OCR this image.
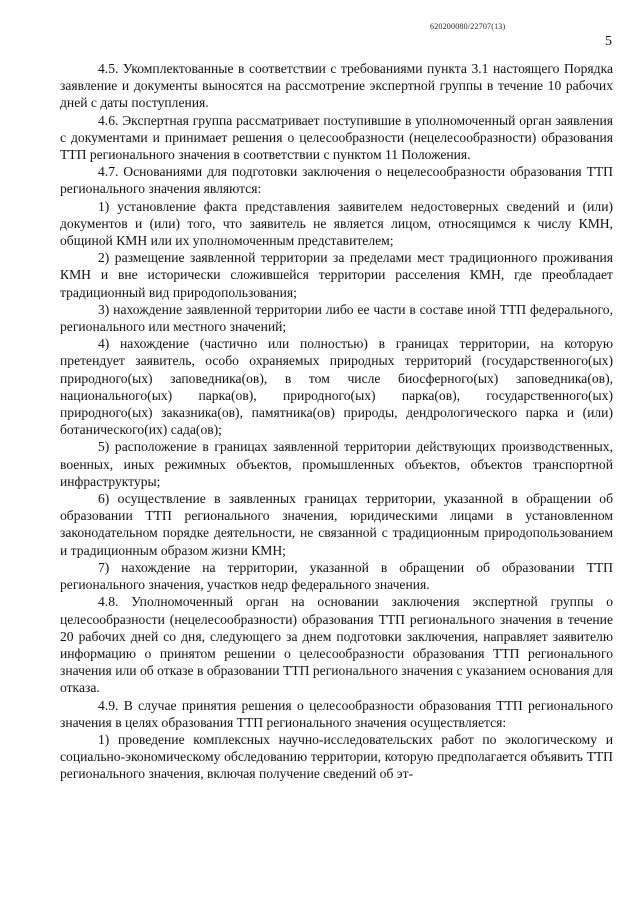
620200080/22707(13)
5

4.5. Укомплектованные в соответствии с требованиями пункта 3.1 настоящего Порядка заявление и документы выносятся на рассмотрение экспертной группы в течение 10 рабочих дней с даты поступления.

4.6. Экспертная группа рассматривает поступившие в уполномоченный орган заявления с документами и принимает решения о целесообразности (нецелесообразности) образования ТТП регионального значения в соответствии с пунктом 11 Положения.

4.7. Основаниями для подготовки заключения о нецелесообразности образования ТТП регионального значения являются:

1) установление факта представления заявителем недостоверных сведений и (или) документов и (или) того, что заявитель не является лицом, относящимся к числу КМН, общиной КМН или их уполномоченным представителем;

2) размещение заявленной территории за пределами мест традиционного проживания КМН и вне исторически сложившейся территории расселения КМН, где преобладает традиционный вид природопользования;

3) нахождение заявленной территории либо ее части в составе иной ТТП федерального, регионального или местного значений;

4) нахождение (частично или полностью) в границах территории, на которую претендует заявитель, особо охраняемых природных территорий (государственного(ых) природного(ых) заповедника(ов), в том числе биосферного(ых) заповедника(ов), национального(ых) парка(ов), природного(ых) парка(ов), государственного(ых) природного(ых) заказника(ов), памятника(ов) природы, дендрологического парка и (или) ботанического(их) сада(ов);

5) расположение в границах заявленной территории действующих производственных, военных, иных режимных объектов, промышленных объектов, объектов транспортной инфраструктуры;

6) осуществление в заявленных границах территории, указанной в обращении об образовании ТТП регионального значения, юридическими лицами в установленном законодательном порядке деятельности, не связанной с традиционным природопользованием и традиционным образом жизни КМН;

7) нахождение на территории, указанной в обращении об образовании ТТП регионального значения, участков недр федерального значения.

4.8. Уполномоченный орган на основании заключения экспертной группы о целесообразности (нецелесообразности) образования ТТП регионального значения в течение 20 рабочих дней со дня, следующего за днем подготовки заключения, направляет заявителю информацию о принятом решении о целесообразности образования ТТП регионального значения или об отказе в образовании ТТП регионального значения с указанием основания для отказа.

4.9. В случае принятия решения о целесообразности образования ТТП регионального значения в целях образования ТТП регионального значения осуществляется:

1) проведение комплексных научно-исследовательских работ по экологическому и социально-экономическому обследованию территории, которую предполагается объявить ТТП регионального значения, включая получение сведений об эт-
